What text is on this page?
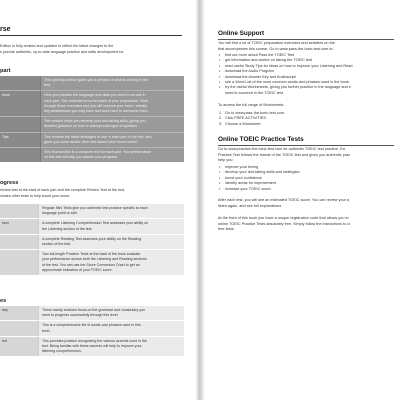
rse
Edition is fully revised and updated to reflect the latest changes to the
s provide authentic, up-to-date language practice and skills development for
part
This opening section gives you a preview of what is coming in the
test.
ence	Here you practise the language and skills you need to do well in
each part. This material forms the basis of your preparation. Work
through these exercises and you will improve your score. Identify
any weaknesses you may have and work hard to overcome them.
This section helps you develop your test-taking skills, giving you
detailed guidance on how to attempt each type of question.
Tips	This reviews the latest strategies to use in each part of the test, and
gives you some advice other test-takers have found useful.
This final section is a complete test for each part. Your performance
on this test will help you assess your progress.
ogress
review test at the start of each part and the complete Review Test at the end,
cludes other tests to help boost your score.
Regular Mini Tests give you authentic test practice specific to each
language point or skill.
sion	A complete Listening Comprehension Test assesses your ability on
the Listening section of the test.
A complete Reading Test assesses your ability on the Reading
section of the test.
Two full-length Practice Tests at the back of the book evaluate
your performance across both the Listening and Reading sections
of the test. You can use the Score Conversion Chart to get an
approximate indication of your TOEIC score.
es
lary	These handy sections focus on the grammar and vocabulary you
need to progress successfully through this level.
This is a comprehensive list of words and phrases used in this
level.
ext	This provides practice recognizing the various accents used in the
test. Being familiar with these accents will help to improve your
listening comprehension.
Online Support
You will find a lot of TOEIC preparation exercises and activities on the
that accompanies this course. Go to www.pass-the-toeic-test.com to:
• find out more about Pass the TOEIC Test
• get information and advice on taking the TOEIC test
• read useful Study Tips for ideas on how to improve your Listening and Read
• download the Audio Program
• download the Answer Key and Audioscript
• see a Word List of the most common words and phrases used in the book
• try the useful Worksheets, giving you further practice in the language and s
need to succeed in the TOEIC test.
To access the full range of Worksheets:
1. Go to www.pass-the-toeic-test.com.
2. Click FREE ACTIVITIES.
3. Choose a Worksheet.
Online TOEIC Practice Tests
Go to www.practice-the-toeic-test.com for authentic TOEIC test practice. Ea
Practice Test follows the format of the TOEIC test and gives you authentic prac
help you:
• improve your timing
• develop your test-taking skills and strategies
• boost your confidence
• identify areas for improvement
• increase your TOEIC score.
After each test, you will see an estimated TOEIC score. You can review your a
listen again, and see full explanations.
At the front of this book you have a unique registration code that allows you to
online TOEIC Practice Tests absolutely free. Simply follow the instructions to cl
free tests.
